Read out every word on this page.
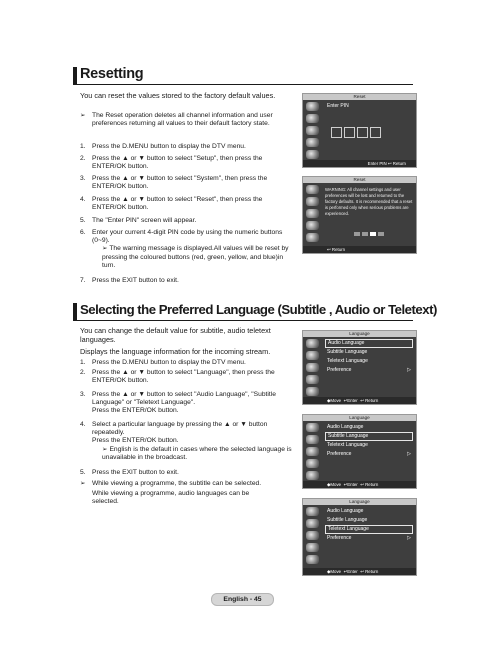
Resetting
You can reset the values stored to the factory default values.
➢ The Reset operation deletes all channel information and user preferences returning all values to their default factory state.
1. Press the D.MENU button to display the DTV menu.
2. Press the ▲ or ▼ button to select "Setup", then press the ENTER/OK button.
3. Press the ▲ or ▼ button to select "System", then press the ENTER/OK button.
4. Press the ▲ or ▼ button to select "Reset", then press the ENTER/OK button.
5. The "Enter PIN" screen will appear.
6. Enter your current 4-digit PIN code by using the numeric buttons (0~9).
➢ The warning message is displayed.All values will be reset by pressing the coloured buttons (red, green, yellow, and blue)in turn.
7. Press the EXIT button to exit.
Reset
Enter PIN
Enter PIN ↩ Return
Reset
WARNING: All channel settings and user preferences will be lost and returned to the factory defaults. It is recommended that a reset is performed only when serious problems are experienced.
↩ Return
Selecting the Preferred Language (Subtitle , Audio or Teletext)
You can change the default value for subtitle, audio teletext languages.
Displays the language information for the incoming stream.
1. Press the D.MENU button to display the DTV menu.
2. Press the ▲ or ▼ button to select "Language", then press the ENTER/OK button.
3. Press the ▲ or ▼ button to select "Audio Language", "Subtitle Language" or "Teletext Language".
Press the ENTER/OK button.
4. Select a particular language by pressing the ▲ or ▼ button repeatedly.
Press the ENTER/OK button.
➢ English is the default in cases where the selected language is unavailable in the broadcast.
5. Press the EXIT button to exit.
➢ While viewing a programme, the subtitle can be selected.

While viewing a programme, audio languages can be selected.
Language
Audio Language
Subtitle Language
Teletext Language
Preference	▷
◆Move ↵Enter ↩ Return
Language
Audio Language
Subtitle Language
Teletext Language
Preference	▷
◆Move ↵Enter ↩ Return
Language
Audio Language
Subtitle Language
Teletext Language
Preference	▷
◆Move ↵Enter ↩ Return
English - 45
